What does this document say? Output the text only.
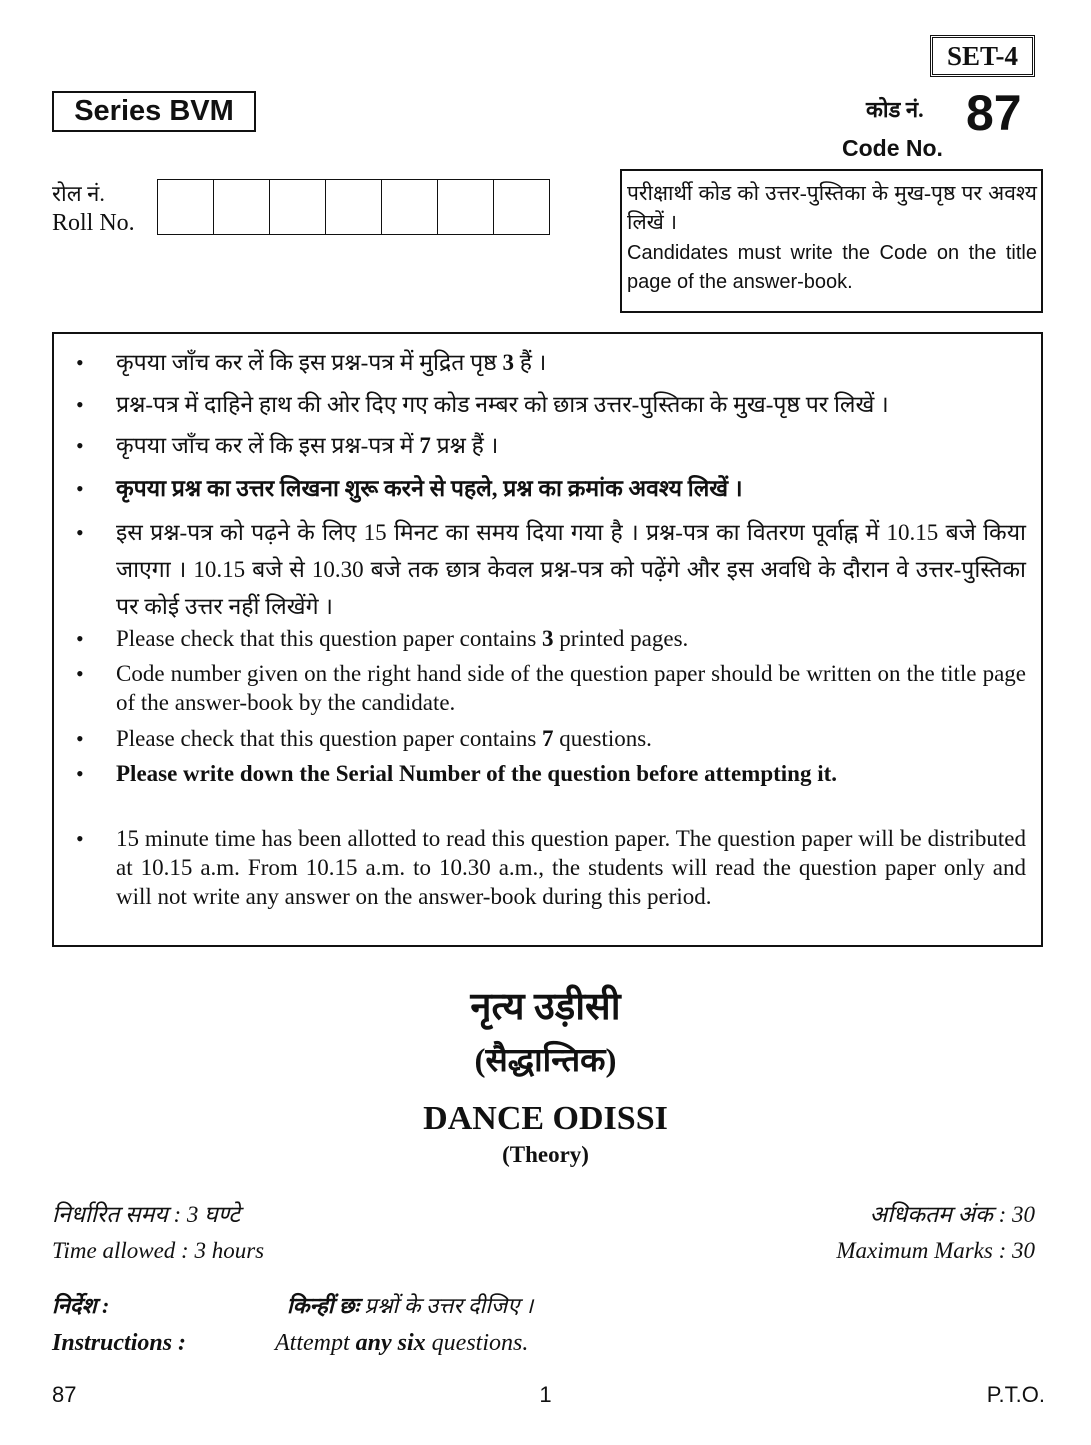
SET-4
Series BVM	कोड नं. 87
Code No.
रोल नं.
Roll No.

परीक्षार्थी कोड को उत्तर-पुस्तिका के मुख-पृष्ठ पर अवश्य लिखें ।

Candidates must write the Code on the title page of the answer-book.

• कृपया जाँच कर लें कि इस प्रश्न-पत्र में मुद्रित पृष्ठ 3 हैं ।
• प्रश्न-पत्र में दाहिने हाथ की ओर दिए गए कोड नम्बर को छात्र उत्तर-पुस्तिका के मुख-पृष्ठ पर लिखें ।
• कृपया जाँच कर लें कि इस प्रश्न-पत्र में 7 प्रश्न हैं ।
• कृपया प्रश्न का उत्तर लिखना शुरू करने से पहले, प्रश्न का क्रमांक अवश्य लिखें ।
• इस प्रश्न-पत्र को पढ़ने के लिए 15 मिनट का समय दिया गया है । प्रश्न-पत्र का वितरण पूर्वाह्न में 10.15 बजे किया जाएगा । 10.15 बजे से 10.30 बजे तक छात्र केवल प्रश्न-पत्र को पढ़ेंगे और इस अवधि के दौरान वे उत्तर-पुस्तिका पर कोई उत्तर नहीं लिखेंगे ।
• Please check that this question paper contains 3 printed pages.
• Code number given on the right hand side of the question paper should be written on the title page of the answer-book by the candidate.
• Please check that this question paper contains 7 questions.
• Please write down the Serial Number of the question before attempting it.
• 15 minute time has been allotted to read this question paper. The question paper will be distributed at 10.15 a.m. From 10.15 a.m. to 10.30 a.m., the students will read the question paper only and will not write any answer on the answer-book during this period.
नृत्य उड़ीसी
(सैद्धान्तिक)
DANCE ODISSI
(Theory)
निर्धारित समय : 3 घण्टे
Time allowed : 3 hours
अधिकतम अंक : 30
Maximum Marks : 30
निर्देश :	किन्हीं छः प्रश्नों के उत्तर दीजिए ।
Instructions :	Attempt any six questions.
87	1	P.T.O.
